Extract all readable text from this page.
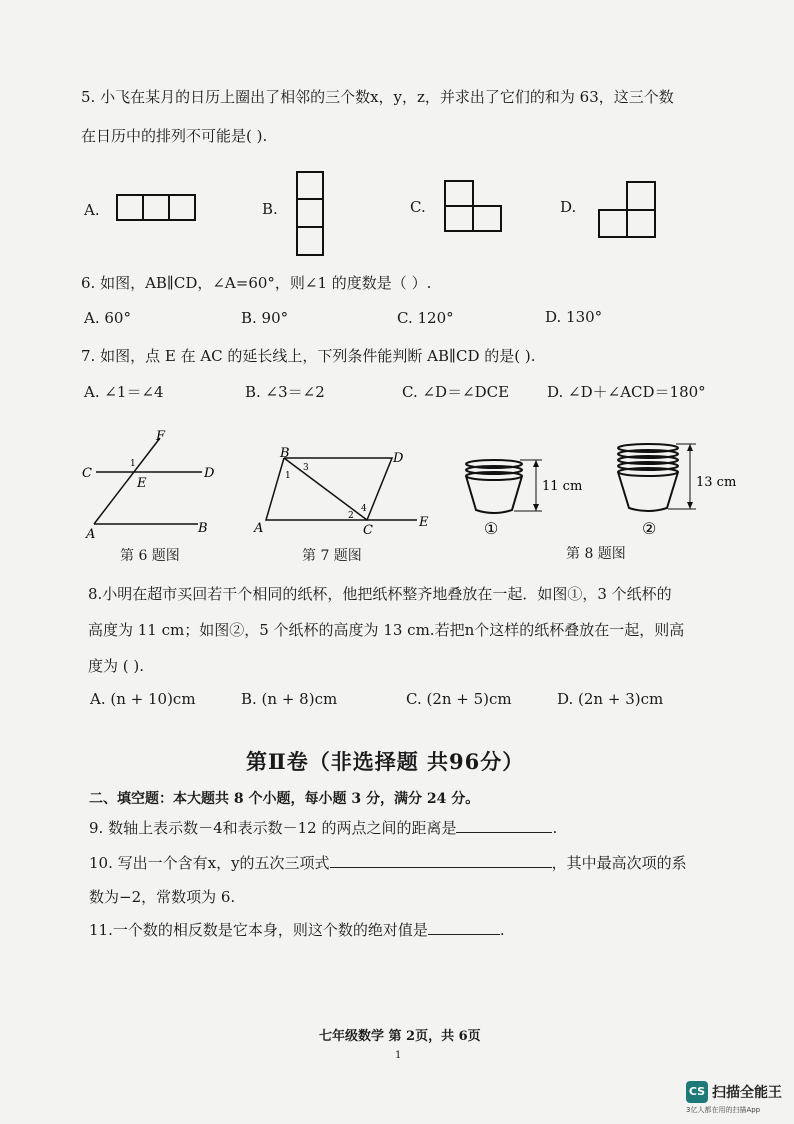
5. 小飞在某月的日历上圈出了相邻的三个数x，y，z，并求出了它们的和为 63，这三个数
在日历中的排列不可能是( ).
A.	B.	C.	D.
6. 如图，AB∥CD，∠A=60°，则∠1 的度数是（ ）.
A. 60°	B. 90°	C. 120°	D. 130°
7. 如图，点 E 在 AC 的延长线上，下列条件能判断 AB∥CD 的是( ).
A. ∠1＝∠4	B. ∠3＝∠2	C. ∠D＝∠DCE	D. ∠D＋∠ACD＝180°
F
C
1
E
D
A	B
第 6 题图
B	D
3
1
4
2
A	C
E
第 7 题图
11 cm
①
13 cm
②
第 8 题图
8.小明在超市买回若干个相同的纸杯，他把纸杯整齐地叠放在一起．如图①，3 个纸杯的
高度为 11 cm；如图②，5 个纸杯的高度为 13 cm.若把n个这样的纸杯叠放在一起，则高
度为 ( ).
A. (n + 10)cm	B. (n + 8)cm	C. (2n + 5)cm	D. (2n + 3)cm
第Ⅱ卷（非选择题 共96分）
二、填空题：本大题共 8 个小题，每小题 3 分，满分 24 分。
9. 数轴上表示数－4和表示数－12 的两点之间的距离是	.
10. 写出一个含有x，y的五次三项式	，其中最高次项的系
数为−2，常数项为 6.
11.一个数的相反数是它本身，则这个数的绝对值是	.
七年级数学 第 2页，共 6页
1
CS 扫描全能王
3亿人都在用的扫描App
